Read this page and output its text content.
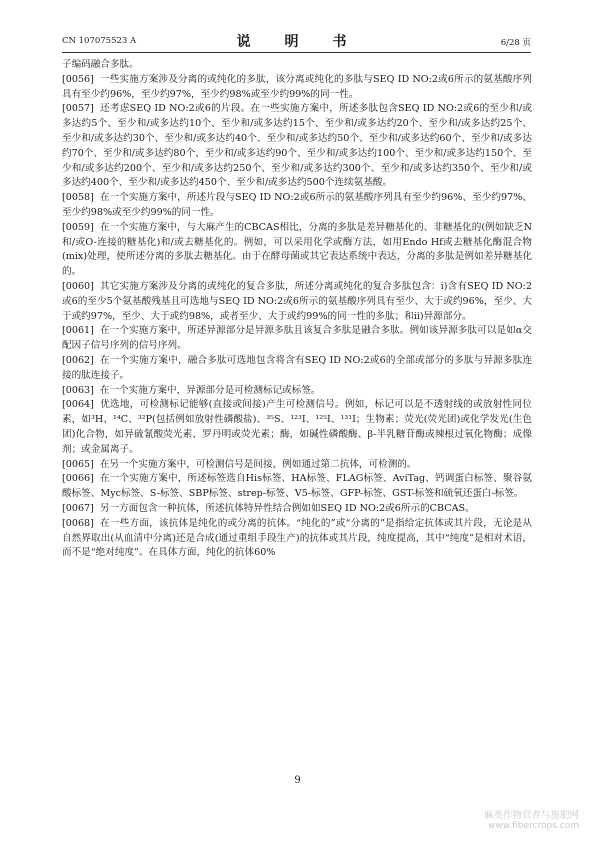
CN 107075523 A	说　明　书	6/28 页

子编码融合多肽。

[0056] 一些实施方案涉及分离的或纯化的多肽，该分离或纯化的多肽与SEQ ID NO:2或6所示的氨基酸序列具有至少约96%，至少约97%，至少约98%或至少约99%的同一性。

[0057] 还考虑SEQ ID NO:2或6的片段。在一些实施方案中，所述多肽包含SEQ ID NO:2或6的至少和/或多达约5个、至少和/或多达约10个、至少和/或多达约15个、至少和/或多达约20个、至少和/或多达约25个、至少和/或多达约30个、至少和/或多达约40个、至少和/或多达约50个、至少和/或多达约60个、至少和/或多达约70个、至少和/或多达约80个、至少和/或多达约90个、至少和/或多达约100个、至少和/或多达约150个、至少和/或多达约200个、至少和/或多达约250个、至少和/或多达约300个、至少和/或多达约350个、至少和/或多达约400个、至少和/或多达约450个、至少和/或多达约500个连续氨基酸。

[0058] 在一个实施方案中，所述片段与SEQ ID NO:2或6所示的氨基酸序列具有至少约96%、至少约97%、至少约98%或至少约99%的同一性。

[0059] 在一个实施方案中，与大麻产生的CBCAS相比，分离的多肽是差异糖基化的、非糖基化的(例如缺乏N和/或O-连接的糖基化)和/或去糖基化的。例如，可以采用化学或酶方法，如用Endo Hf或去糖基化酶混合物(mix)处理，使所述分离的多肽去糖基化。由于在酵母菌或其它表达系统中表达，分离的多肽是例如差异糖基化的。

[0060] 其它实施方案涉及分离的或纯化的复合多肽，所述分离或纯化的复合多肽包含：i)含有SEQ ID NO:2或6的至少5个氨基酸残基且可选地与SEQ ID NO:2或6所示的氨基酸序列具有至少、大于或约96%，至少、大于或约97%，至少、大于或约98%，或者至少、大于或约99%的同一性的多肽；和ii)异源部分。

[0061] 在一个实施方案中，所述异源部分是异源多肽且该复合多肽是融合多肽。例如该异源多肽可以是如α交配因子信号序列的信号序列。

[0062] 在一个实施方案中，融合多肽可选地包含将含有SEQ ID NO:2或6的全部或部分的多肽与异源多肽连接的肽连接子。

[0063] 在一个实施方案中，异源部分是可检测标记或标签。

[0064] 优选地，可检测标记能够(直接或间接)产生可检测信号。例如，标记可以是不透射线的或放射性同位素，如³H、¹⁴C、³²P(包括例如放射性磷酸盐)、³⁵S、¹²³I、¹²⁵I、¹³¹I；生物素；荧光(荧光团)或化学发光(生色团)化合物，如异硫氰酸荧光素、罗丹明或荧光素；酶，如碱性磷酸酶、β-半乳糖苷酶或辣根过氧化物酶；成像剂；或金属离子。

[0065] 在另一个实施方案中，可检测信号是间接，例如通过第二抗体，可检测的。

[0066] 在一个实施方案中，所述标签选自His标签、HA标签、FLAG标签、AviTag、钙调蛋白标签、聚谷氨酸标签、Myc标签、S-标签、SBP标签、strep-标签、V5-标签、GFP-标签、GST-标签和硫氧还蛋白-标签。

[0067] 另一方面包含一种抗体，所述抗体特异性结合例如如SEQ ID NO:2或6所示的CBCAS。

[0068] 在一些方面，该抗体是纯化的或分离的抗体。“纯化的”或“分离的”是指给定抗体或其片段，无论是从自然界取出(从血清中分离)还是合成(通过重组手段生产)的抗体或其片段，纯度提高，其中“纯度”是相对术语，而不是“绝对纯度”。在具体方面，纯化的抗体60%

9
麻类作物营养与施肥网
www.fibercrops.com
